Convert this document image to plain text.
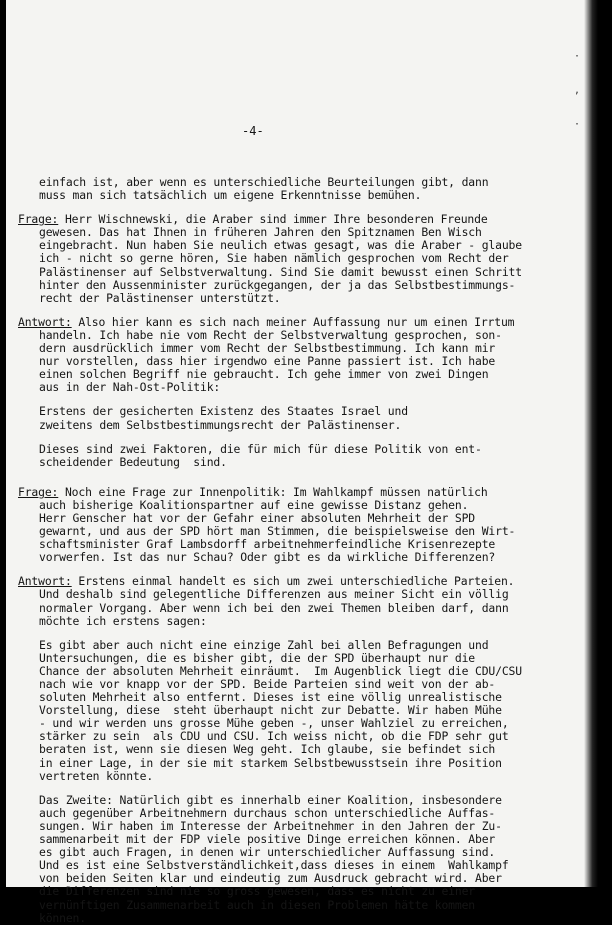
·
,
·
-4-
einfach ist, aber wenn es unterschiedliche Beurteilungen gibt, dann
muss man sich tatsächlich um eigene Erkenntnisse bemühen.
Frage: Herr Wischnewski, die Araber sind immer Ihre besonderen Freunde
gewesen. Das hat Ihnen in früheren Jahren den Spitznamen Ben Wisch
eingebracht. Nun haben Sie neulich etwas gesagt, was die Araber - glaube
ich - nicht so gerne hören, Sie haben nämlich gesprochen vom Recht der
Palästinenser auf Selbstverwaltung. Sind Sie damit bewusst einen Schritt
hinter den Aussenminister zurückgegangen, der ja das Selbstbestimmungs-
recht der Palästinenser unterstützt.
Antwort: Also hier kann es sich nach meiner Auffassung nur um einen Irrtum
handeln. Ich habe nie vom Recht der Selbstverwaltung gesprochen, son-
dern ausdrücklich immer vom Recht der Selbstbestimmung. Ich kann mir
nur vorstellen, dass hier irgendwo eine Panne passiert ist. Ich habe
einen solchen Begriff nie gebraucht. Ich gehe immer von zwei Dingen
aus in der Nah-Ost-Politik:
Erstens der gesicherten Existenz des Staates Israel und
zweitens dem Selbstbestimmungsrecht der Palästinenser.
Dieses sind zwei Faktoren, die für mich für diese Politik von ent-
scheidender Bedeutung  sind.
Frage: Noch eine Frage zur Innenpolitik: Im Wahlkampf müssen natürlich
auch bisherige Koalitionspartner auf eine gewisse Distanz gehen.
Herr Genscher hat vor der Gefahr einer absoluten Mehrheit der SPD
gewarnt, und aus der SPD hört man Stimmen, die beispielsweise den Wirt-
schaftsminister Graf Lambsdorff arbeitnehmerfeindliche Krisenrezepte
vorwerfen. Ist das nur Schau? Oder gibt es da wirkliche Differenzen?
Antwort: Erstens einmal handelt es sich um zwei unterschiedliche Parteien.
Und deshalb sind gelegentliche Differenzen aus meiner Sicht ein völlig
normaler Vorgang. Aber wenn ich bei den zwei Themen bleiben darf, dann
möchte ich erstens sagen:
Es gibt aber auch nicht eine einzige Zahl bei allen Befragungen und
Untersuchungen, die es bisher gibt, die der SPD überhaupt nur die
Chance der absoluten Mehrheit einräumt.  Im Augenblick liegt die CDU/CSU
nach wie vor knapp vor der SPD. Beide Parteien sind weit von der ab-
soluten Mehrheit also entfernt. Dieses ist eine völlig unrealistische
Vorstellung, diese  steht überhaupt nicht zur Debatte. Wir haben Mühe
- und wir werden uns grosse Mühe geben -, unser Wahlziel zu erreichen,
stärker zu sein  als CDU und CSU. Ich weiss nicht, ob die FDP sehr gut
beraten ist, wenn sie diesen Weg geht. Ich glaube, sie befindet sich
in einer Lage, in der sie mit starkem Selbstbewusstsein ihre Position
vertreten könnte.
Das Zweite: Natürlich gibt es innerhalb einer Koalition, insbesondere
auch gegenüber Arbeitnehmern durchaus schon unterschiedliche Auffas-
sungen. Wir haben im Interesse der Arbeitnehmer in den Jahren der Zu-
sammenarbeit mit der FDP viele positive Dinge erreichen können. Aber
es gibt auch Fragen, in denen wir unterschiedlicher Auffassung sind.
Und es ist eine Selbstverständlichkeit,dass dieses in einem  Wahlkampf
von beiden Seiten klar und eindeutig zum Ausdruck gebracht wird. Aber
die Differenzen sind nie so gross gewesen, dass es nicht zu einer
vernünftigen Zusammenarbeit auch in diesen Problemen hätte kommen
können.
